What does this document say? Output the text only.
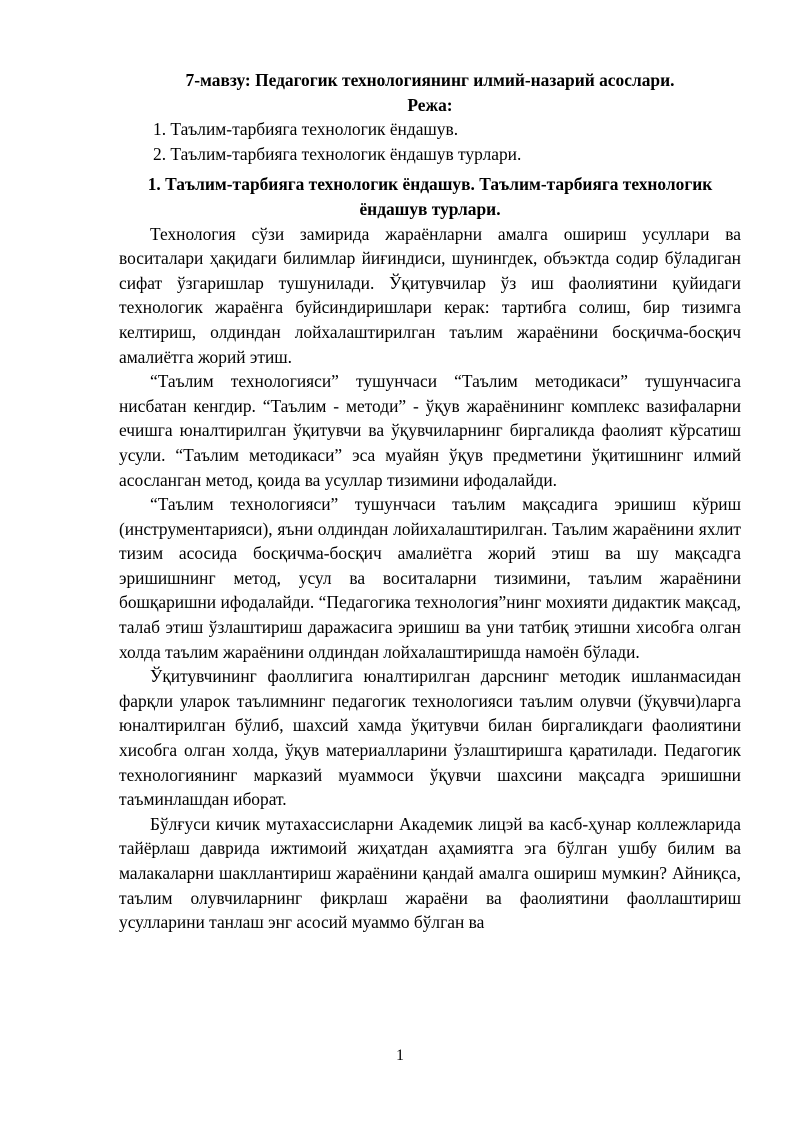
7-мавзу: Педагогик технологиянинг илмий-назарий асослари.

Режа:

1. Таълим-тарбияга технологик ёндашув.
2. Таълим-тарбияга технологик ёндашув турлари.

1. Таълим-тарбияга технологик ёндашув. Таълим-тарбияга технологик ёндашув турлари.

Технология сўзи замирида жараёнларни амалга ошириш усуллари ва воситалари ҳақидаги билимлар йиғиндиси, шунингдек, объэктда содир бўладиган сифат ўзгаришлар тушунилади. Ўқитувчилар ўз иш фаолиятини қуйидаги технологик жараёнга буйсиндиришлари керак: тартибга солиш, бир тизимга келтириш, олдиндан лойхалаштирилган таълим жараёнини босқичма-босқич амалиётга жорий этиш.

“Таълим технологияси” тушунчаси “Таълим методикаси” тушунчасига нисбатан кенгдир. “Таълим - методи” - ўқув жараёнининг комплекс вазифаларни ечишга юналтирилган ўқитувчи ва ўқувчиларнинг биргаликда фаолият кўрсатиш усули. “Таълим методикаси” эса муайян ўқув предметини ўқитишнинг илмий асосланган метод, қоида ва усуллар тизимини ифодалайди.

“Таълим технологияси” тушунчаси таълим мақсадига эришиш кўриш (инструментарияси), яъни олдиндан лойихалаштирилган. Таълим жараёнини яхлит тизим асосида босқичма-босқич амалиётга жорий этиш ва шу мақсадга эришишнинг метод, усул ва воситаларни тизимини, таълим жараёнини бошқаришни ифодалайди. “Педагогика технология”нинг мохияти дидактик мақсад, талаб этиш ўзлаштириш даражасига эришиш ва уни татбиқ этишни хисобга олган холда таълим жараёнини олдиндан лойхалаштиришда намоён бўлади.

Ўқитувчининг фаоллигига юналтирилган дарснинг методик ишланмасидан фарқли уларок таълимнинг педагогик технологияси таълим олувчи (ўқувчи)ларга юналтирилган бўлиб, шахсий хамда ўқитувчи билан биргаликдаги фаолиятини хисобга олган холда, ўқув материалларини ўзлаштиришга қаратилади. Педагогик технологиянинг марказий муаммоси ўқувчи шахсини мақсадга эришишни таъминлашдан иборат.

Бўлғуси кичик мутахассисларни Академик лицэй ва касб-ҳунар коллежларида тайёрлаш даврида ижтимоий жиҳатдан аҳамиятга эга бўлган ушбу билим ва малакаларни шакллантириш жараёнини қандай амалга ошириш мумкин? Айниқса, таълим олувчиларнинг фикрлаш жараёни ва фаолиятини фаоллаштириш усулларини танлаш энг асосий муаммо бўлган ва

1
